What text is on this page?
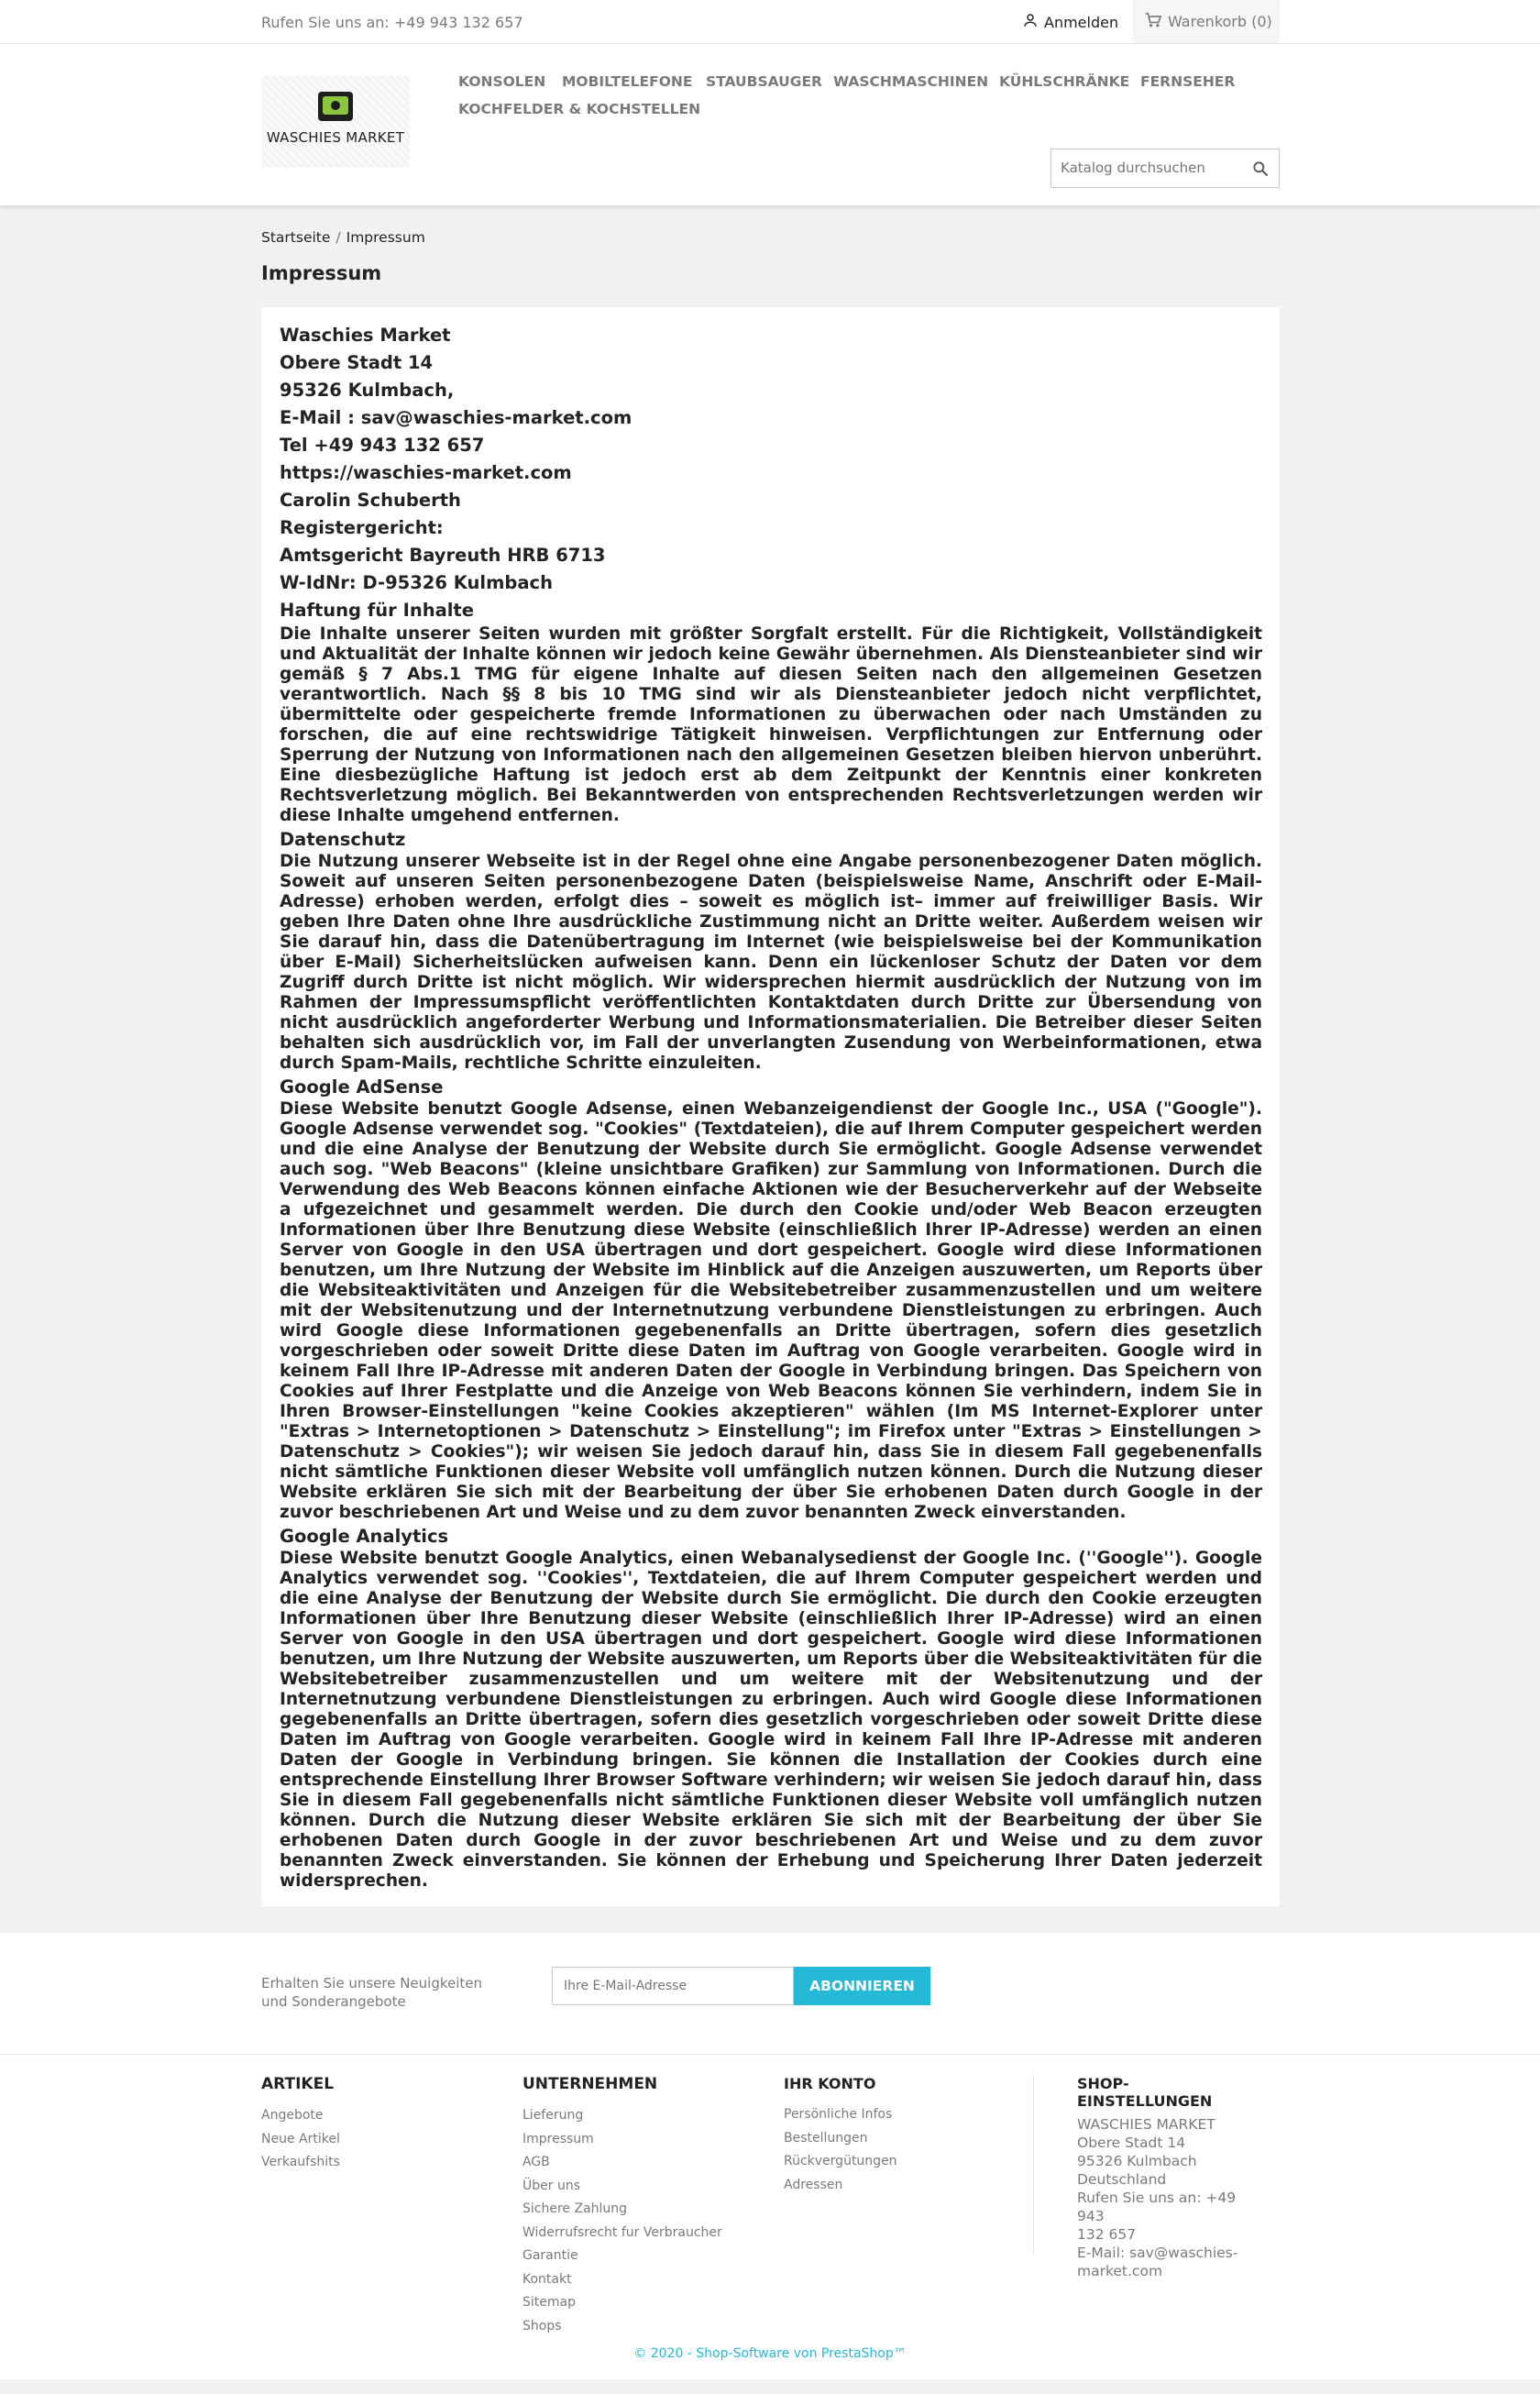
Rufen Sie uns an: +49 943 132 657	Anmelden	Warenkorb (0)
WASCHIES MARKET
KONSOLEN MOBILTELEFONE STAUBSAUGER WASCHMASCHINEN KÜHLSCHRÄNKE FERNSEHER
KOCHFELDER & KOCHSTELLEN
Katalog durchsuchen
Startseite / Impressum
Impressum
Waschies Market
Obere Stadt 14
95326 Kulmbach,
E-Mail : sav@waschies-market.com
Tel +49 943 132 657
https://waschies-market.com
Carolin Schuberth
Registergericht:
Amtsgericht Bayreuth HRB 6713
W-IdNr: D-95326 Kulmbach
Haftung für Inhalte

Die Inhalte unserer Seiten wurden mit größter Sorgfalt erstellt. Für die Richtigkeit, Vollständigkeit und Aktualität der Inhalte können wir jedoch keine Gewähr übernehmen. Als Diensteanbieter sind wir gemäß § 7 Abs.1 TMG für eigene Inhalte auf diesen Seiten nach den allgemeinen Gesetzen verantwortlich. Nach §§ 8 bis 10 TMG sind wir als Diensteanbieter jedoch nicht verpflichtet, übermittelte oder gespeicherte fremde Informationen zu überwachen oder nach Umständen zu forschen, die auf eine rechtswidrige Tätigkeit hinweisen. Verpflichtungen zur Entfernung oder Sperrung der Nutzung von Informationen nach den allgemeinen Gesetzen bleiben hiervon unberührt. Eine diesbezügliche Haftung ist jedoch erst ab dem Zeitpunkt der Kenntnis einer konkreten Rechtsverletzung möglich. Bei Bekanntwerden von entsprechenden Rechtsverletzungen werden wir diese Inhalte umgehend entfernen.

Datenschutz

Die Nutzung unserer Webseite ist in der Regel ohne eine Angabe personenbezogener Daten möglich. Soweit auf unseren Seiten personenbezogene Daten (beispielsweise Name, Anschrift oder E-Mail-Adresse) erhoben werden, erfolgt dies – soweit es möglich ist– immer auf freiwilliger Basis. Wir geben Ihre Daten ohne Ihre ausdrückliche Zustimmung nicht an Dritte weiter. Außerdem weisen wir Sie darauf hin, dass die Datenübertragung im Internet (wie beispielsweise bei der Kommunikation über E-Mail) Sicherheitslücken aufweisen kann. Denn ein lückenloser Schutz der Daten vor dem Zugriff durch Dritte ist nicht möglich. Wir widersprechen hiermit ausdrücklich der Nutzung von im Rahmen der Impressumspflicht veröffentlichten Kontaktdaten durch Dritte zur Übersendung von nicht ausdrücklich angeforderter Werbung und Informationsmaterialien. Die Betreiber dieser Seiten behalten sich ausdrücklich vor, im Fall der unverlangten Zusendung von Werbeinformationen, etwa durch Spam-Mails, rechtliche Schritte einzuleiten.

Google AdSense

Diese Website benutzt Google Adsense, einen Webanzeigendienst der Google Inc., USA ("Google"). Google Adsense verwendet sog. "Cookies" (Textdateien), die auf Ihrem Computer gespeichert werden und die eine Analyse der Benutzung der Website durch Sie ermöglicht. Google Adsense verwendet auch sog. "Web Beacons" (kleine unsichtbare Grafiken) zur Sammlung von Informationen. Durch die Verwendung des Web Beacons können einfache Aktionen wie der Besucherverkehr auf der Webseite a ufgezeichnet und gesammelt werden. Die durch den Cookie und/oder Web Beacon erzeugten Informationen über Ihre Benutzung diese Website (einschließlich Ihrer IP-Adresse) werden an einen Server von Google in den USA übertragen und dort gespeichert. Google wird diese Informationen benutzen, um Ihre Nutzung der Website im Hinblick auf die Anzeigen auszuwerten, um Reports über die Websiteaktivitäten und Anzeigen für die Websitebetreiber zusammenzustellen und um weitere mit der Websitenutzung und der Internetnutzung verbundene Dienstleistungen zu erbringen. Auch wird Google diese Informationen gegebenenfalls an Dritte übertragen, sofern dies gesetzlich vorgeschrieben oder soweit Dritte diese Daten im Auftrag von Google verarbeiten. Google wird in keinem Fall Ihre IP-Adresse mit anderen Daten der Google in Verbindung bringen. Das Speichern von Cookies auf Ihrer Festplatte und die Anzeige von Web Beacons können Sie verhindern, indem Sie in Ihren Browser-Einstellungen "keine Cookies akzeptieren" wählen (Im MS Internet-Explorer unter "Extras > Internetoptionen > Datenschutz > Einstellung"; im Firefox unter "Extras > Einstellungen > Datenschutz > Cookies"); wir weisen Sie jedoch darauf hin, dass Sie in diesem Fall gegebenenfalls nicht sämtliche Funktionen dieser Website voll umfänglich nutzen können. Durch die Nutzung dieser Website erklären Sie sich mit der Bearbeitung der über Sie erhobenen Daten durch Google in der zuvor beschriebenen Art und Weise und zu dem zuvor benannten Zweck einverstanden.

Google Analytics

Diese Website benutzt Google Analytics, einen Webanalysedienst der Google Inc. (''Google''). Google Analytics verwendet sog. ''Cookies'', Textdateien, die auf Ihrem Computer gespeichert werden und die eine Analyse der Benutzung der Website durch Sie ermöglicht. Die durch den Cookie erzeugten Informationen über Ihre Benutzung dieser Website (einschließlich Ihrer IP-Adresse) wird an einen Server von Google in den USA übertragen und dort gespeichert. Google wird diese Informationen benutzen, um Ihre Nutzung der Website auszuwerten, um Reports über die Websiteaktivitäten für die Websitebetreiber zusammenzustellen und um weitere mit der Websitenutzung und der Internetnutzung verbundene Dienstleistungen zu erbringen. Auch wird Google diese Informationen gegebenenfalls an Dritte übertragen, sofern dies gesetzlich vorgeschrieben oder soweit Dritte diese Daten im Auftrag von Google verarbeiten. Google wird in keinem Fall Ihre IP-Adresse mit anderen Daten der Google in Verbindung bringen. Sie können die Installation der Cookies durch eine entsprechende Einstellung Ihrer Browser Software verhindern; wir weisen Sie jedoch darauf hin, dass Sie in diesem Fall gegebenenfalls nicht sämtliche Funktionen dieser Website voll umfänglich nutzen können. Durch die Nutzung dieser Website erklären Sie sich mit der Bearbeitung der über Sie erhobenen Daten durch Google in der zuvor beschriebenen Art und Weise und zu dem zuvor benannten Zweck einverstanden. Sie können der Erhebung und Speicherung Ihrer Daten jederzeit widersprechen.

Erhalten Sie unsere Neuigkeiten und Sonderangebote
Ihre E-Mail-Adresse
ABONNIEREN
ARTIKEL
Angebote
Neue Artikel
Verkaufshits
UNTERNEHMEN
Lieferung
Impressum
AGB
Über uns
Sichere Zahlung
Widerrufsrecht fur Verbraucher
Garantie
Kontakt
Sitemap
Shops
IHR KONTO
Persönliche Infos
Bestellungen
Rückvergütungen
Adressen
SHOP-EINSTELLUNGEN
WASCHIES MARKET
Obere Stadt 14
95326 Kulmbach
Deutschland
Rufen Sie uns an: +49 943
132 657
E-Mail: sav@waschies-
market.com
© 2020 - Shop-Software von PrestaShop™
